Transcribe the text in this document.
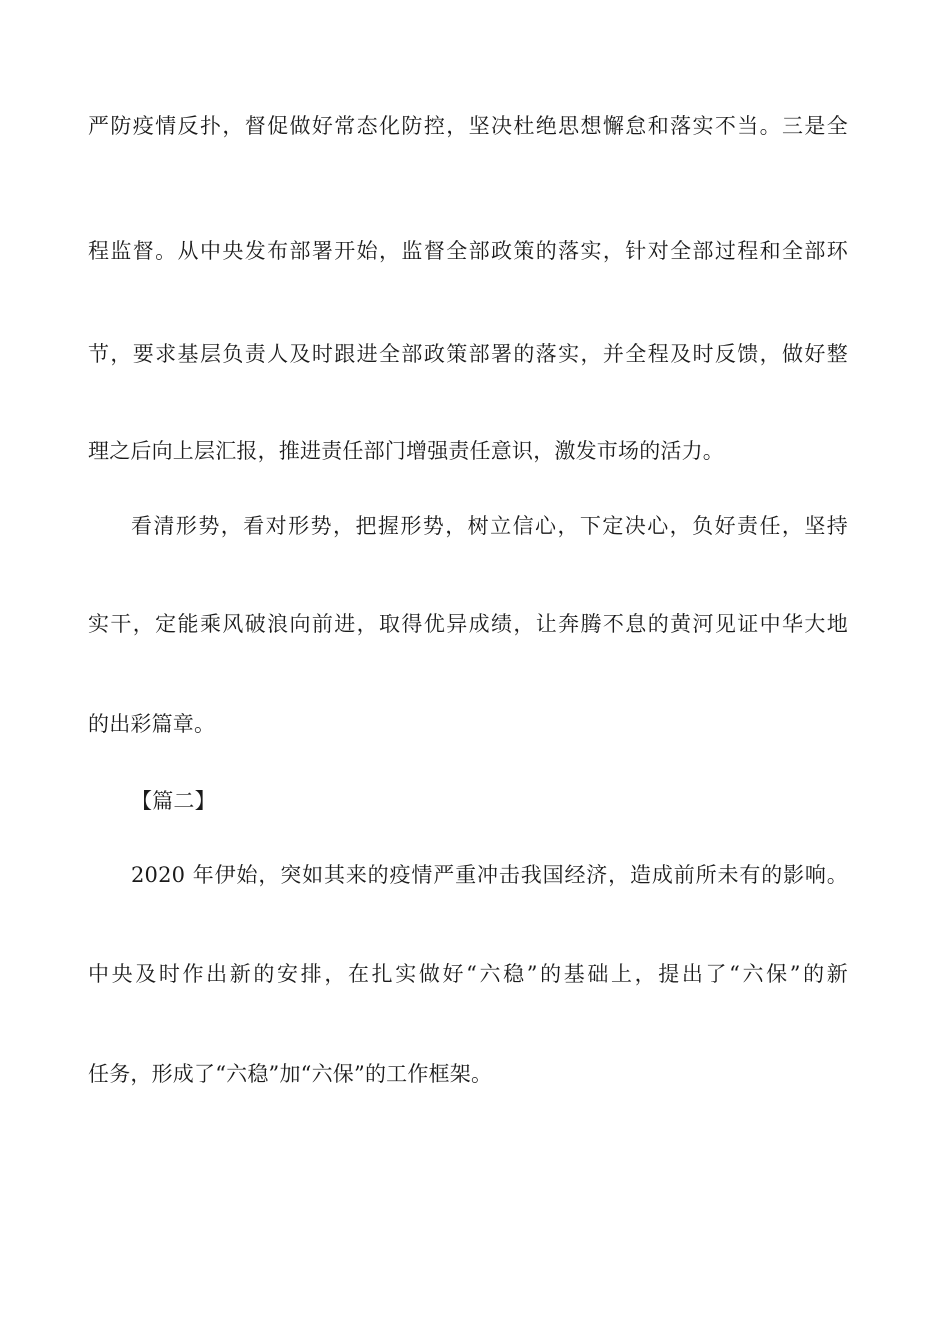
严防疫情反扑，督促做好常态化防控，坚决杜绝思想懈怠和落实不当。三是全
程监督。从中央发布部署开始，监督全部政策的落实，针对全部过程和全部环
节，要求基层负责人及时跟进全部政策部署的落实，并全程及时反馈，做好整
理之后向上层汇报，推进责任部门增强责任意识，激发市场的活力。
看清形势，看对形势，把握形势，树立信心，下定决心，负好责任，坚持
实干，定能乘风破浪向前进，取得优异成绩，让奔腾不息的黄河见证中华大地
的出彩篇章。
【篇二】
2020 年伊始，突如其来的疫情严重冲击我国经济，造成前所未有的影响。
中央及时作出新的安排，在扎实做好“六稳”的基础上，提出了“六保”的新
任务，形成了“六稳”加“六保”的工作框架。
